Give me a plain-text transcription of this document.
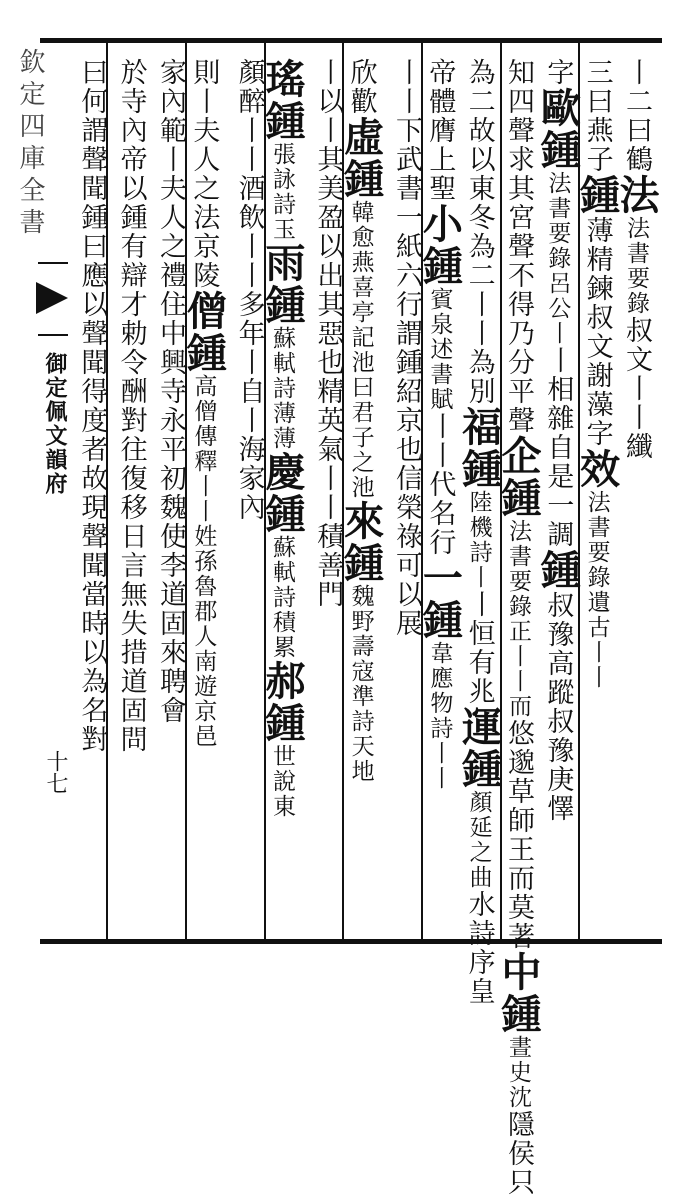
欽定四庫全書
御定佩文韻府
十七
丨二曰鶴法法書要錄叔文丨丨纖
三曰燕子鍾薄精鍊叔文謝藻字效法書要錄遺古丨丨
字歐鍾法書要錄呂公丨丨相雜自是一調鍾叔豫高蹤叔豫庚懌
知四聲求其宮聲不得乃分平聲企鍾法書要錄正丨丨而悠邈草師王而莫著中鍾晝史沈隱侯只
為二故以東冬為二丨丨為別福鍾陸機詩丨丨恒有兆運鍾顏延之曲水詩序皇
帝體膺上聖小鍾賓泉述書賦丨丨代名行一鍾韋應物詩丨丨
丨丨下武書一紙六行謂鍾紹京也信榮祿可以展
欣歡虛鍾韓愈燕喜亭記池曰君子之池來鍾魏野壽寇準詩天地
丨以丨其美盈以出其惡也精英氣丨丨積善門
瑤鍾張詠詩玉雨鍾蘇軾詩薄薄慶鍾蘇軾詩積累郝鍾世說東
顏醉丨丨酒飲丨丨多年丨自丨海家內
則丨夫人之法京陵僧鍾高僧傳釋丨丨姓孫魯郡人南遊京邑
家內範丨夫人之禮住中興寺永平初魏使李道固來聘會
於寺內帝以鍾有辯才勅令酬對往復移日言無失措道固問
曰何謂聲聞鍾曰應以聲聞得度者故現聲聞當時以為名對
